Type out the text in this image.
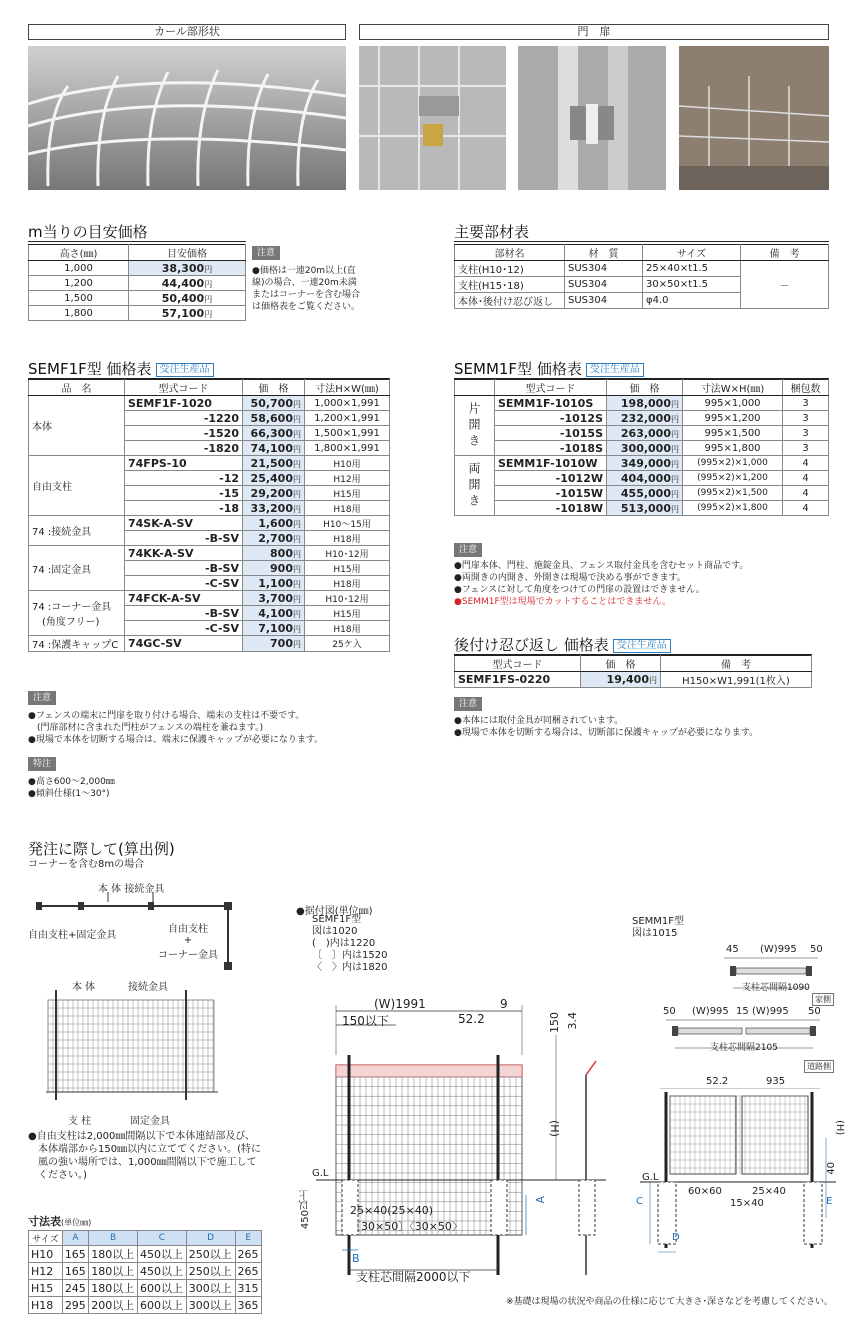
カール部形状	門　扉
m当りの目安価格
高さ(㎜)	目安価格
1,000	38,300円
1,200	44,400円
1,500	50,400円
1,800	57,100円
注意
●価格は一連20m以上(直
線)の場合、一連20m未満
またはコーナーを含む場合
は価格表をご覧ください。
主要部材表
部材名	材　質	サイズ	備　考
支柱(H10･12)	SUS304	25×40×t1.5	－
支柱(H15･18)	SUS304	30×50×t1.5	
本体･後付け忍び返し	SUS304	φ4.0	
SEMF1F型 価格表 受注生産品
品　名	型式コード	価　格	寸法H×W(㎜)
本体	SEMF1F-1020	50,700円	1,000×1,991
	-1220	58,600円	1,200×1,991
	-1520	66,300円	1,500×1,991
	-1820	74,100円	1,800×1,991
自由支柱	74FPS-10	21,500円	H10用
	-12	25,400円	H12用
	-15	29,200円	H15用
	-18	33,200円	H18用
74 :接続金具	74SK-A-SV	1,600円	H10～15用
	-B-SV	2,700円	H18用
74 :固定金具	74KK-A-SV	800円	H10･12用
	-B-SV	900円	H15用
	-C-SV	1,100円	H18用

74 :コーナー金具
(角度フリー)	74FCK-A-SV	3,700円	H10･12用
	-B-SV	4,100円	H15用
	-C-SV	7,100円	H18用
74 :保護キャップC	74GC-SV	700円	25ケ入
注意
●フェンスの端末に門扉を取り付ける場合、端末の支柱は不要です。
　(門扉部材に含まれた門柱がフェンスの端柱を兼ねます。)
●現場で本体を切断する場合は、端末に保護キャップが必要になります。
特注
●高さ600～2,000㎜
●傾斜仕様(1～30°)
SEMM1F型 価格表 受注生産品
	型式コード	価　格	寸法W×H(㎜)	梱包数
片開き	SEMM1F-1010S	198,000円	995×1,000	3
	-1012S	232,000円	995×1,200	3
	-1015S	263,000円	995×1,500	3
	-1018S	300,000円	995×1,800	3
両開き	SEMM1F-1010W	349,000円	(995×2)×1,000	4
	-1012W	404,000円	(995×2)×1,200	4
	-1015W	455,000円	(995×2)×1,500	4
	-1018W	513,000円	(995×2)×1,800	4
注意
●門扉本体、門柱、施錠金具、フェンス取付金具を含むセット商品です。
●両開きの内開き、外開きは現場で決める事ができます。
●フェンスに対して角度をつけての門扉の設置はできません。
●SEMM1F型は現場でカットすることはできません。
後付け忍び返し 価格表 受注生産品
型式コード	価　格	備　考
SEMF1FS-0220	19,400円	H150×W1,991(1枚入)
注意
●本体には取付金具が同梱されています。
●現場で本体を切断する場合は、切断部に保護キャップが必要になります。
発注に際して(算出例)
コーナーを含む8mの場合
本 体 接続金具
自由支柱+固定金具
自由支柱
+
コーナー金具
本 体	接続金具
支 柱	固定金具
●自由支柱は2,000㎜間隔以下で本体連結部及び、
　本体端部から150㎜以内に立ててください。(特に
　風の強い場所では、1,000㎜間隔以下で施工して
　ください。)
寸法表(単位㎜)
サイズ	A	B	C	D	E
H10	165	180以上	450以上	250以上	265
H12	165	180以上	450以上	250以上	265
H15	245	180以上	600以上	300以上	315
H18	295	200以上	600以上	300以上	365
●据付図(単位㎜)
SEMF1F型
図は1020
(　)内は1220
〔　〕内は1520
〈　〉内は1820
(W)1991	9
150以下	52.2	150 3.4
(H)
G.L
A
450以上	25×40(25×40)
〔30×50〕〈30×50〉
B
支柱芯間隔2000以下
SEMM1F型
図は1015
45 (W)995 50
支柱芯間隔1090
家側
50 (W)995 15 (W)995 50
支柱芯間隔2105
道路側
52.2	935
(H)
G.L
40
60×60	25×40
15×40
C	E
D
※基礎は現場の状況や商品の仕様に応じて大きさ･深さなどを考慮してください。
